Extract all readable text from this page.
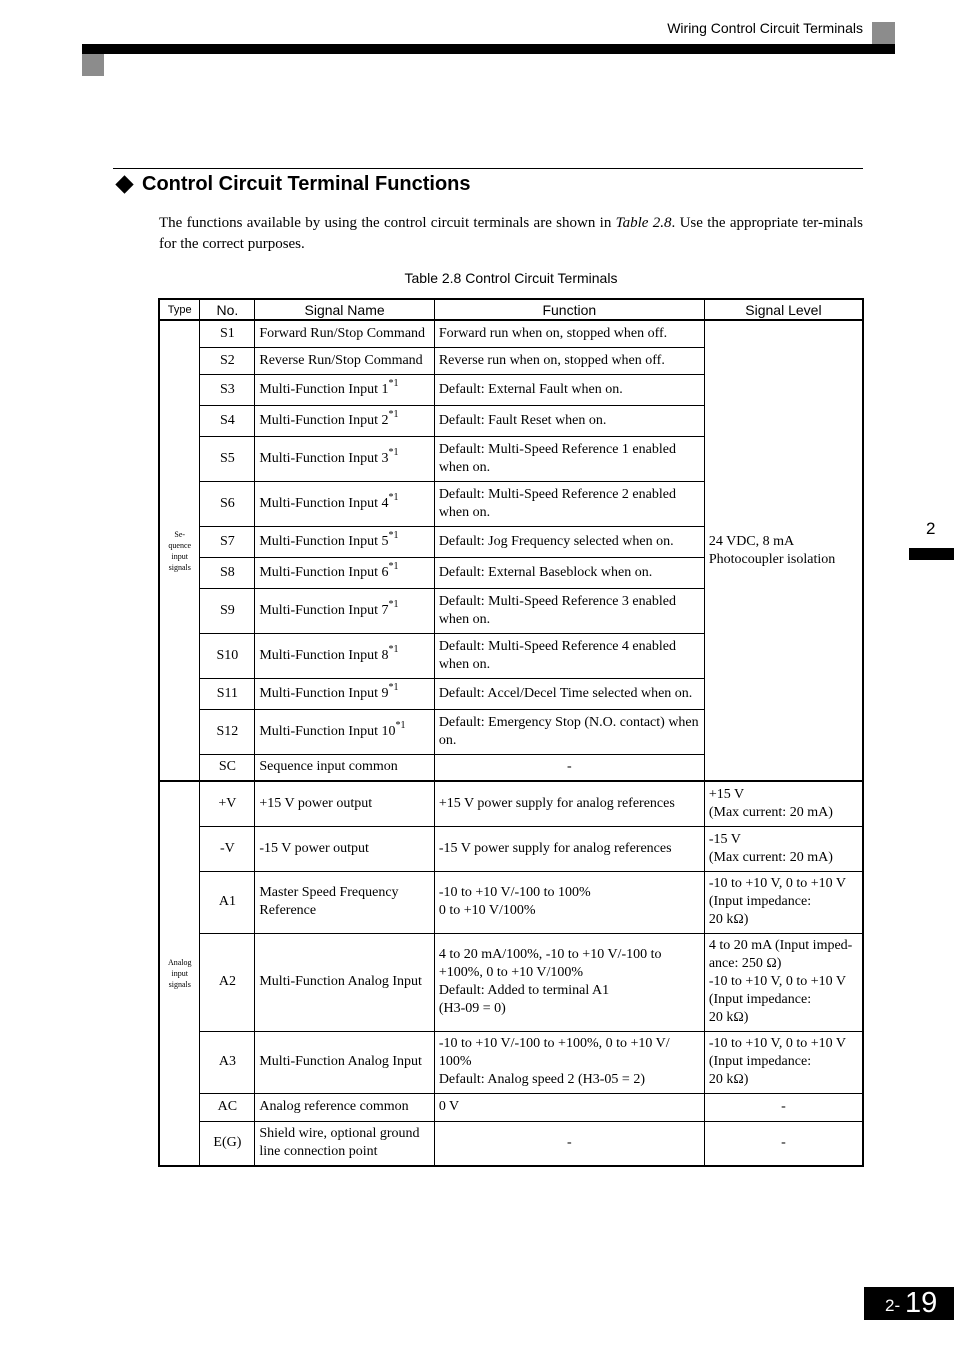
Wiring Control Circuit Terminals
2
Control Circuit Terminal Functions

The functions available by using the control circuit terminals are shown in Table 2.8. Use the appropriate ter-minals for the correct purposes.

Table 2.8 Control Circuit Terminals
Type	No.	Signal Name	Function	Signal Level
Se-quence input signals	S1	Forward Run/Stop Command	Forward run when on, stopped when off.	24 VDC, 8 mA Photocoupler isolation
	S2	Reverse Run/Stop Command	Reverse run when on, stopped when off.	
	S3	Multi-Function Input 1$^{*1}$	Default: External Fault when on.	
	S4	Multi-Function Input 2$^{*1}$	Default: Fault Reset when on.	
	S5	Multi-Function Input 3$^{*1}$	Default: Multi-Speed Reference 1 enabled when on.	
	S6	Multi-Function Input 4$^{*1}$	Default: Multi-Speed Reference 2 enabled when on.	
	S7	Multi-Function Input 5$^{*1}$	Default: Jog Frequency selected when on.	
	S8	Multi-Function Input 6$^{*1}$	Default: External Baseblock when on.	
	S9	Multi-Function Input 7$^{*1}$	Default: Multi-Speed Reference 3 enabled when on.	
	S10	Multi-Function Input 8$^{*1}$	Default: Multi-Speed Reference 4 enabled when on.	
	S11	Multi-Function Input 9$^{*1}$	Default: Accel/Decel Time selected when on.	
	S12	Multi-Function Input 10$^{*1}$	Default: Emergency Stop (N.O. contact) when on.	
	SC	Sequence input common	-	
Analog input signals	+V	+15 V power output	+15 V power supply for analog references	+15 V
(Max current: 20 mA)
	-V	-15 V power output	-15 V power supply for analog references	-15 V
(Max current: 20 mA)
	A1	Master Speed Frequency Reference	-10 to +10 V/-100 to 100%
0 to +10 V/100%	-10 to +10 V, 0 to +10 V
(Input impedance:
20 kΩ)
	A2	Multi-Function Analog Input	4 to 20 mA/100%, -10 to +10 V/-100 to +100%, 0 to +10 V/100%
Default: Added to terminal A1
(H3-09 = 0)	4 to 20 mA (Input imped-ance: 250 Ω)
-10 to +10 V, 0 to +10 V
(Input impedance:
20 kΩ)
	A3	Multi-Function Analog Input	-10 to +10 V/-100 to +100%, 0 to +10 V/ 100%
Default: Analog speed 2 (H3-05 = 2)	-10 to +10 V, 0 to +10 V
(Input impedance:
20 kΩ)
	AC	Analog reference common	0 V	-
	E(G)	Shield wire, optional ground line connection point	-	-
2- 19
